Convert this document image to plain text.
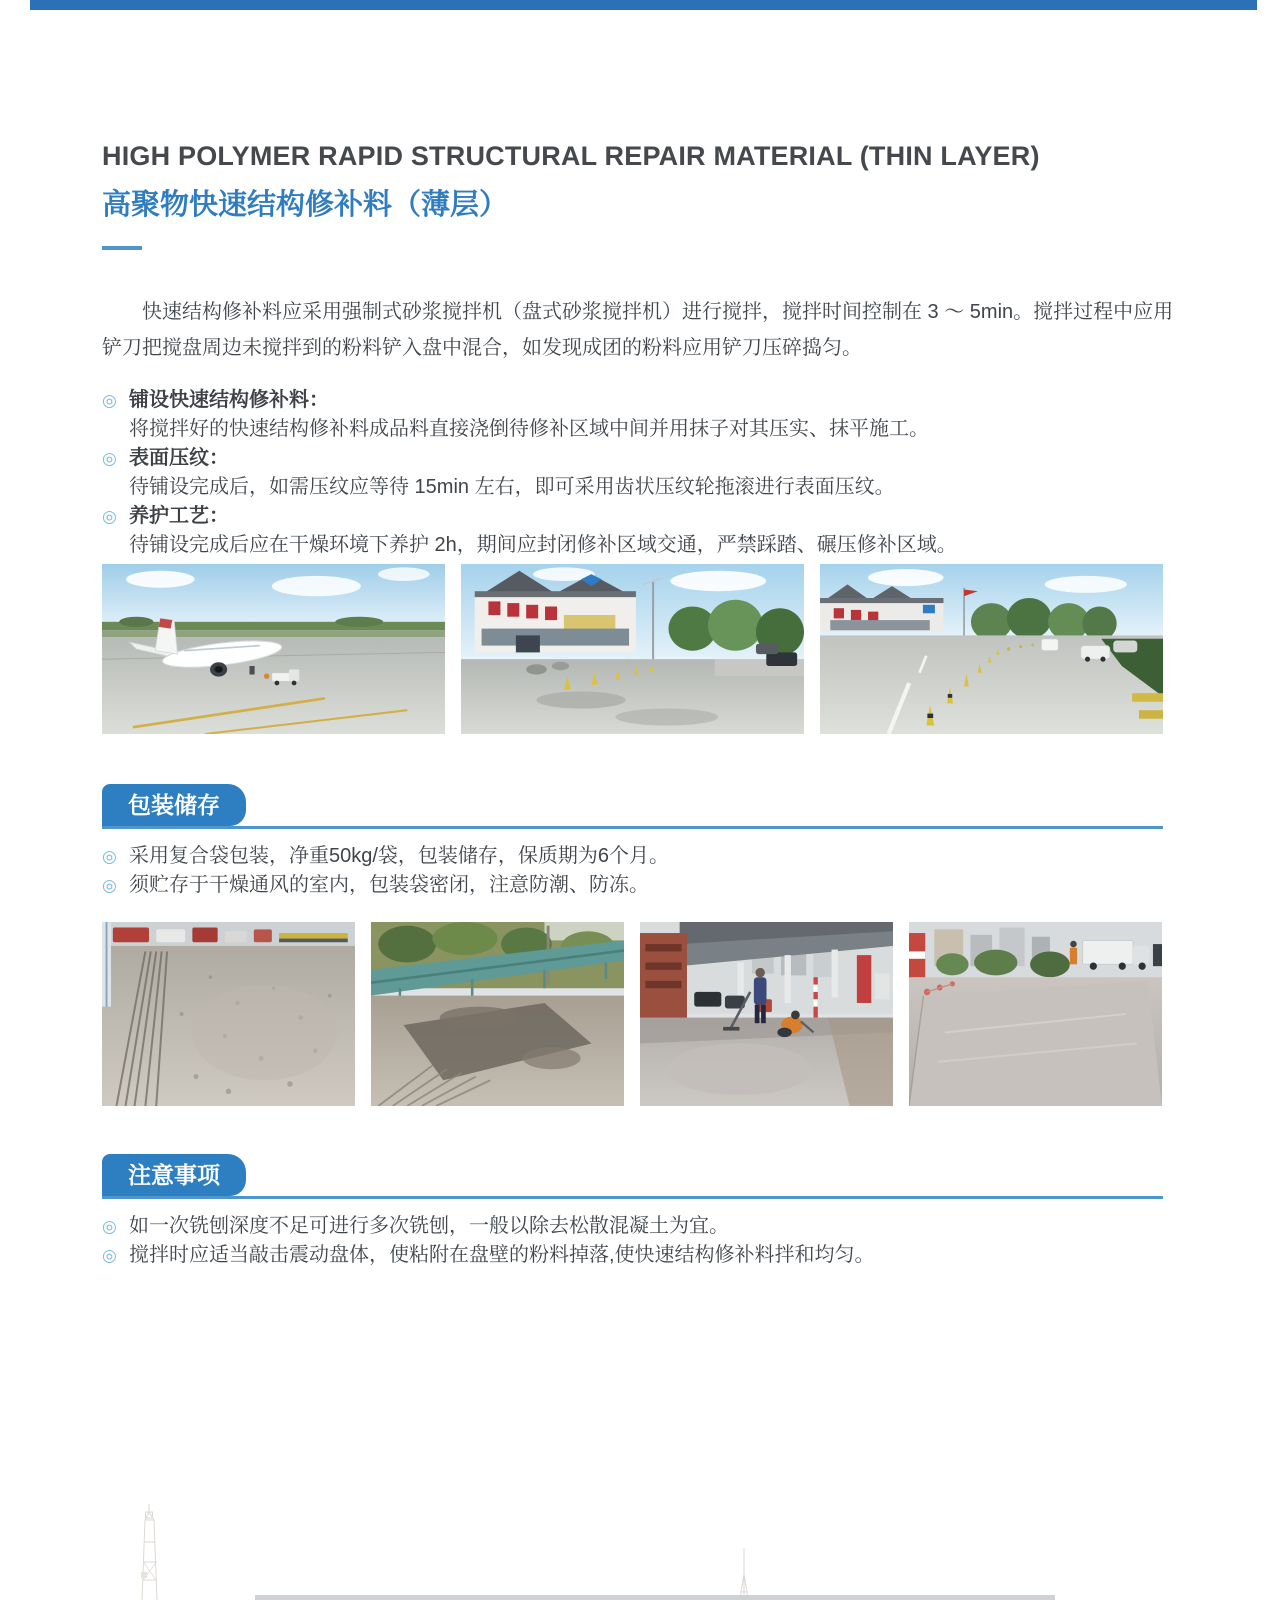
HIGH POLYMER RAPID STRUCTURAL REPAIR MATERIAL (THIN LAYER)
高聚物快速结构修补料（薄层）

快速结构修补料应采用强制式砂浆搅拌机（盘式砂浆搅拌机）进行搅拌，搅拌时间控制在 3 ～ 5min。搅拌过程中应用铲刀把搅盘周边未搅拌到的粉料铲入盘中混合，如发现成团的粉料应用铲刀压碎捣匀。

◎ 铺设快速结构修补料：
将搅拌好的快速结构修补料成品料直接浇倒待修补区域中间并用抹子对其压实、抹平施工。
◎ 表面压纹：
待铺设完成后，如需压纹应等待 15min 左右，即可采用齿状压纹轮拖滚进行表面压纹。
◎ 养护工艺：
待铺设完成后应在干燥环境下养护 2h，期间应封闭修补区域交通，严禁踩踏、碾压修补区域。
包装储存
◎ 采用复合袋包装，净重50kg/袋，包装储存，保质期为6个月。
◎ 须贮存于干燥通风的室内，包装袋密闭，注意防潮、防冻。
注意事项
◎ 如一次铣刨深度不足可进行多次铣刨，一般以除去松散混凝土为宜。
◎ 搅拌时应适当敲击震动盘体，使粘附在盘壁的粉料掉落,使快速结构修补料拌和均匀。
